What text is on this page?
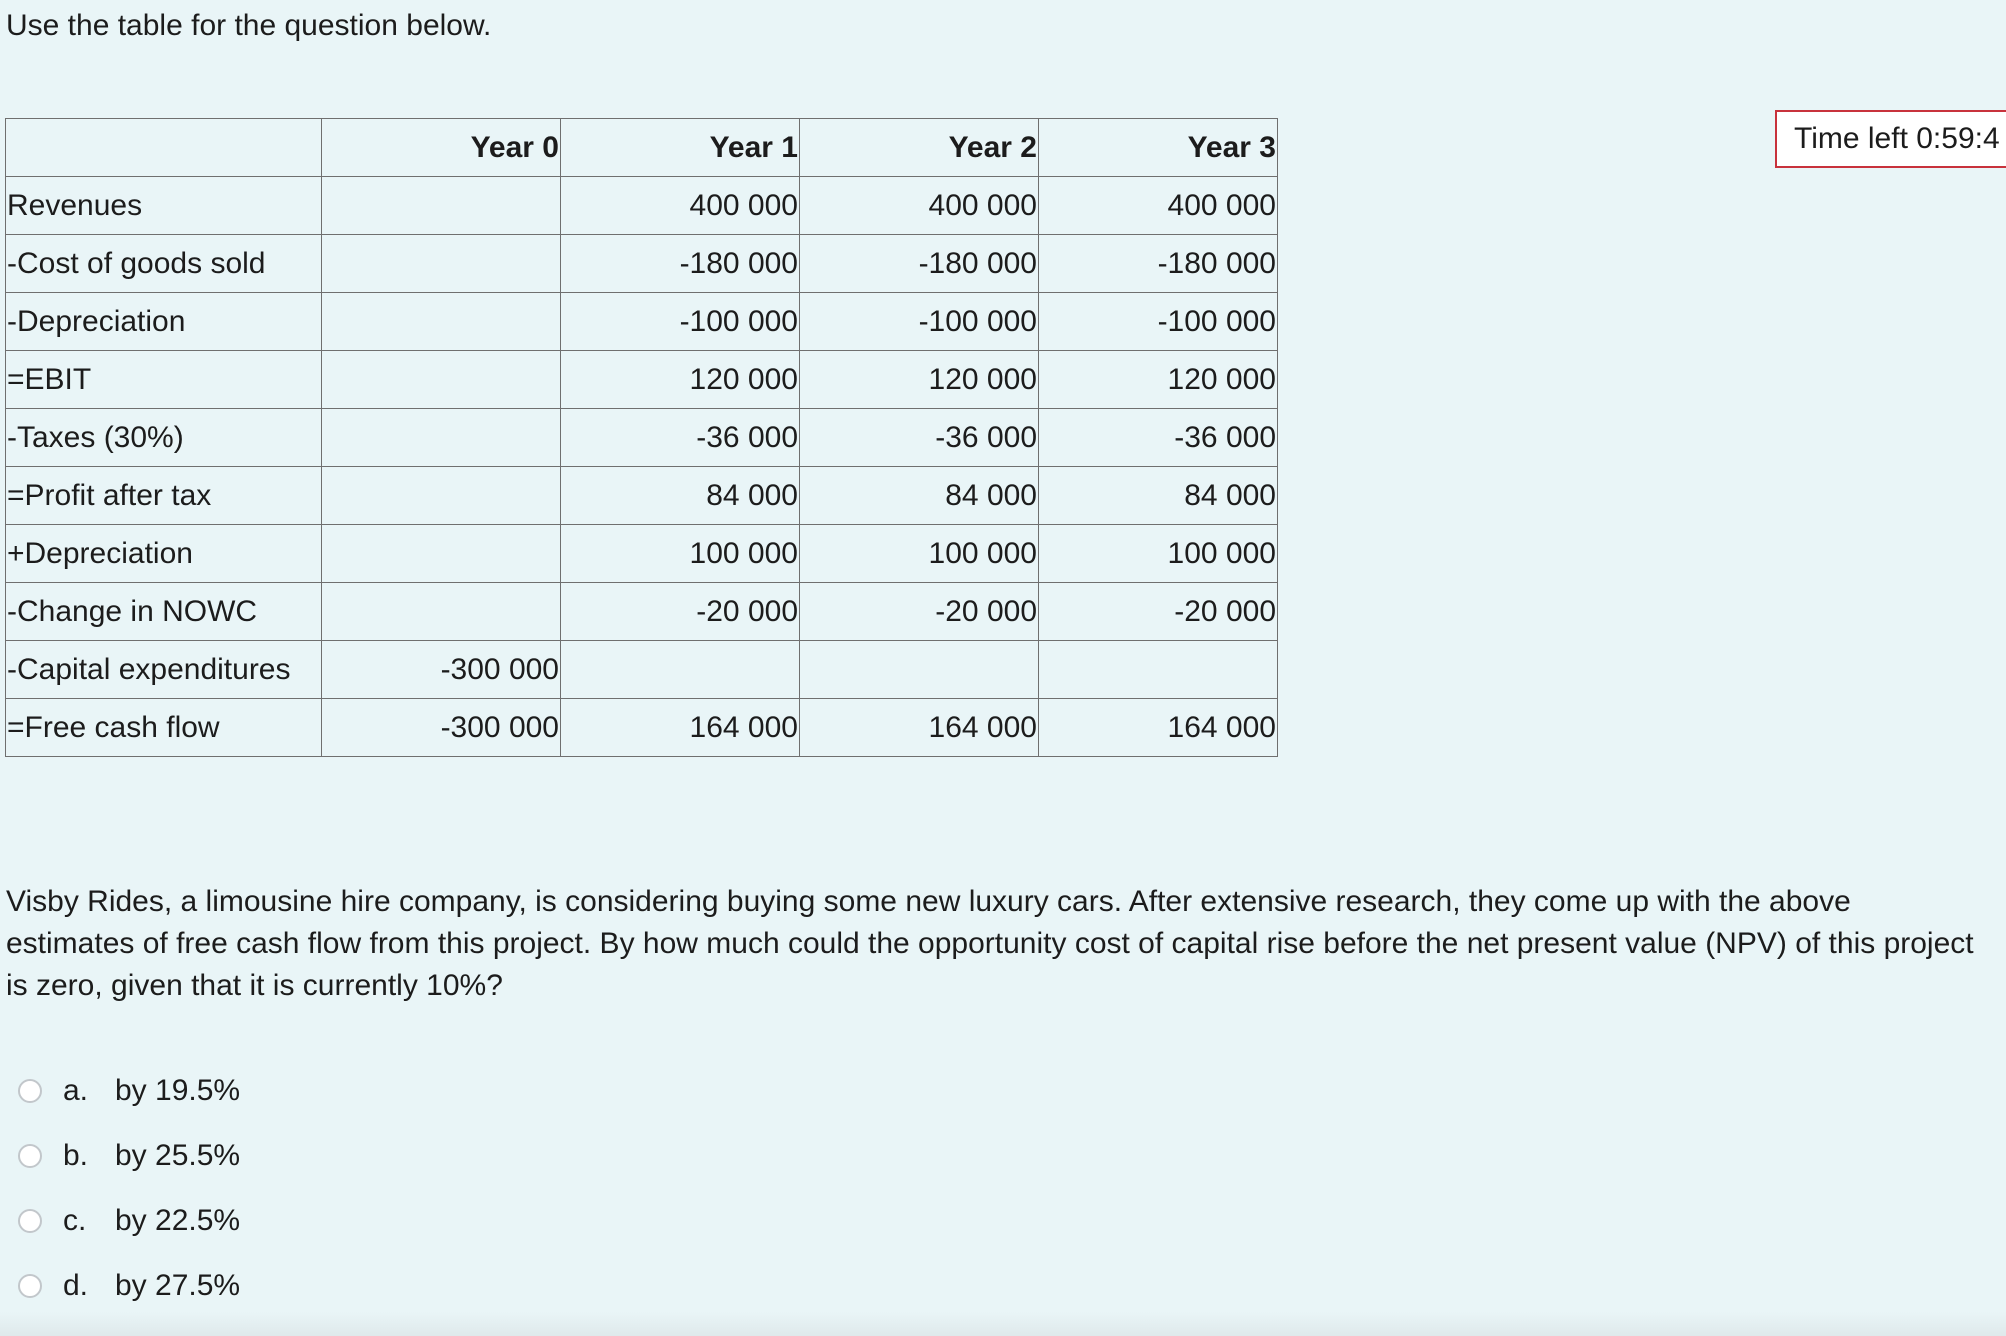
Use the table for the question below.

Time left 0:59:4
	Year 0	Year 1	Year 2	Year 3
Revenues		400 000	400 000	400 000
-Cost of goods sold		-180 000	-180 000	-180 000
-Depreciation		-100 000	-100 000	-100 000
=EBIT		120 000	120 000	120 000
-Taxes (30%)		-36 000	-36 000	-36 000
=Profit after tax		84 000	84 000	84 000
+Depreciation		100 000	100 000	100 000
-Change in NOWC		-20 000	-20 000	-20 000
-Capital expenditures	-300 000			
=Free cash flow	-300 000	164 000	164 000	164 000

Visby Rides, a limousine hire company, is considering buying some new luxury cars. After extensive research, they come up with the above estimates of free cash flow from this project. By how much could the opportunity cost of capital rise before the net present value (NPV) of this project is zero, given that it is currently 10%?

a. by 19.5%
b. by 25.5%
c. by 22.5%
d. by 27.5%
